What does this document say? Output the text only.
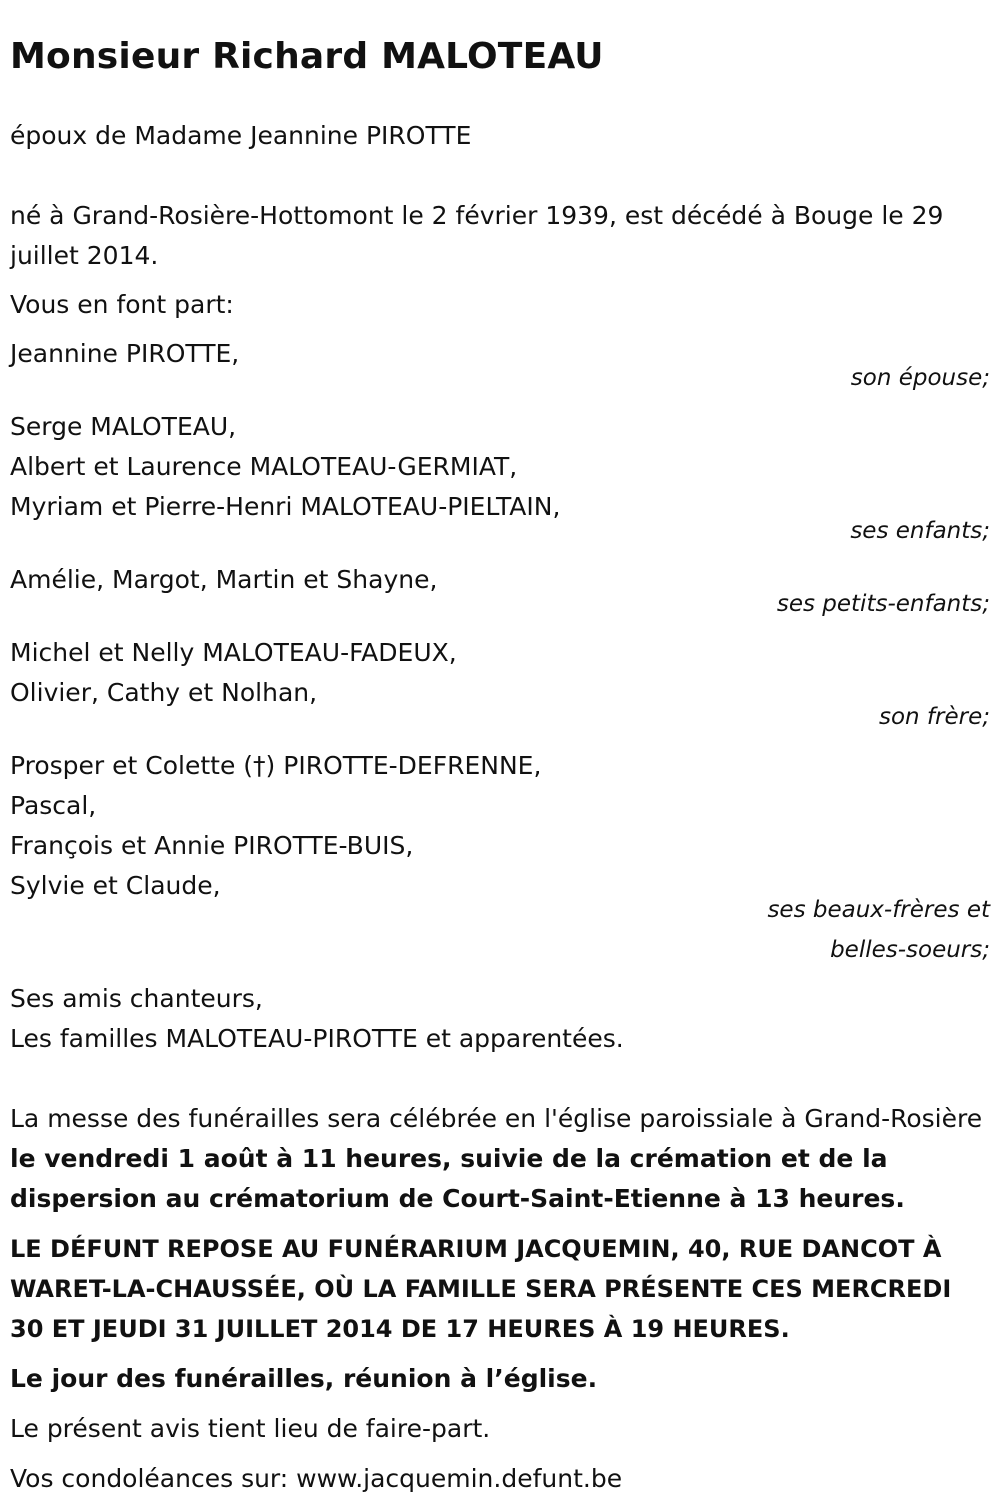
Monsieur Richard MALOTEAU

époux de Madame Jeannine PIROTTE

né à Grand-Rosière-Hottomont le 2 février 1939, est décédé à Bouge le 29 juillet 2014.

Vous en font part:

Jeannine PIROTTE,

son épouse;

Serge MALOTEAU,

Albert et Laurence MALOTEAU-GERMIAT,

Myriam et Pierre-Henri MALOTEAU-PIELTAIN,

ses enfants;

Amélie, Margot, Martin et Shayne,

ses petits-enfants;

Michel et Nelly MALOTEAU-FADEUX,

Olivier, Cathy et Nolhan,

son frère;

Prosper et Colette (†) PIROTTE-DEFRENNE,

Pascal,

François et Annie PIROTTE-BUIS,

Sylvie et Claude,

ses beaux-frères et

belles-soeurs;

Ses amis chanteurs,

Les familles MALOTEAU-PIROTTE et apparentées.

La messe des funérailles sera célébrée en l'église paroissiale à Grand-Rosière le vendredi 1 août à 11 heures, suivie de la crémation et de la dispersion au crématorium de Court-Saint-Etienne à 13 heures.

LE DÉFUNT REPOSE AU FUNÉRARIUM JACQUEMIN, 40, RUE DANCOT À WARET-LA-CHAUSSÉE, OÙ LA FAMILLE SERA PRÉSENTE CES MERCREDI 30 ET JEUDI 31 JUILLET 2014 DE 17 HEURES À 19 HEURES.

Le jour des funérailles, réunion à l’église.

Le présent avis tient lieu de faire-part.

Vos condoléances sur: www.jacquemin.defunt.be
